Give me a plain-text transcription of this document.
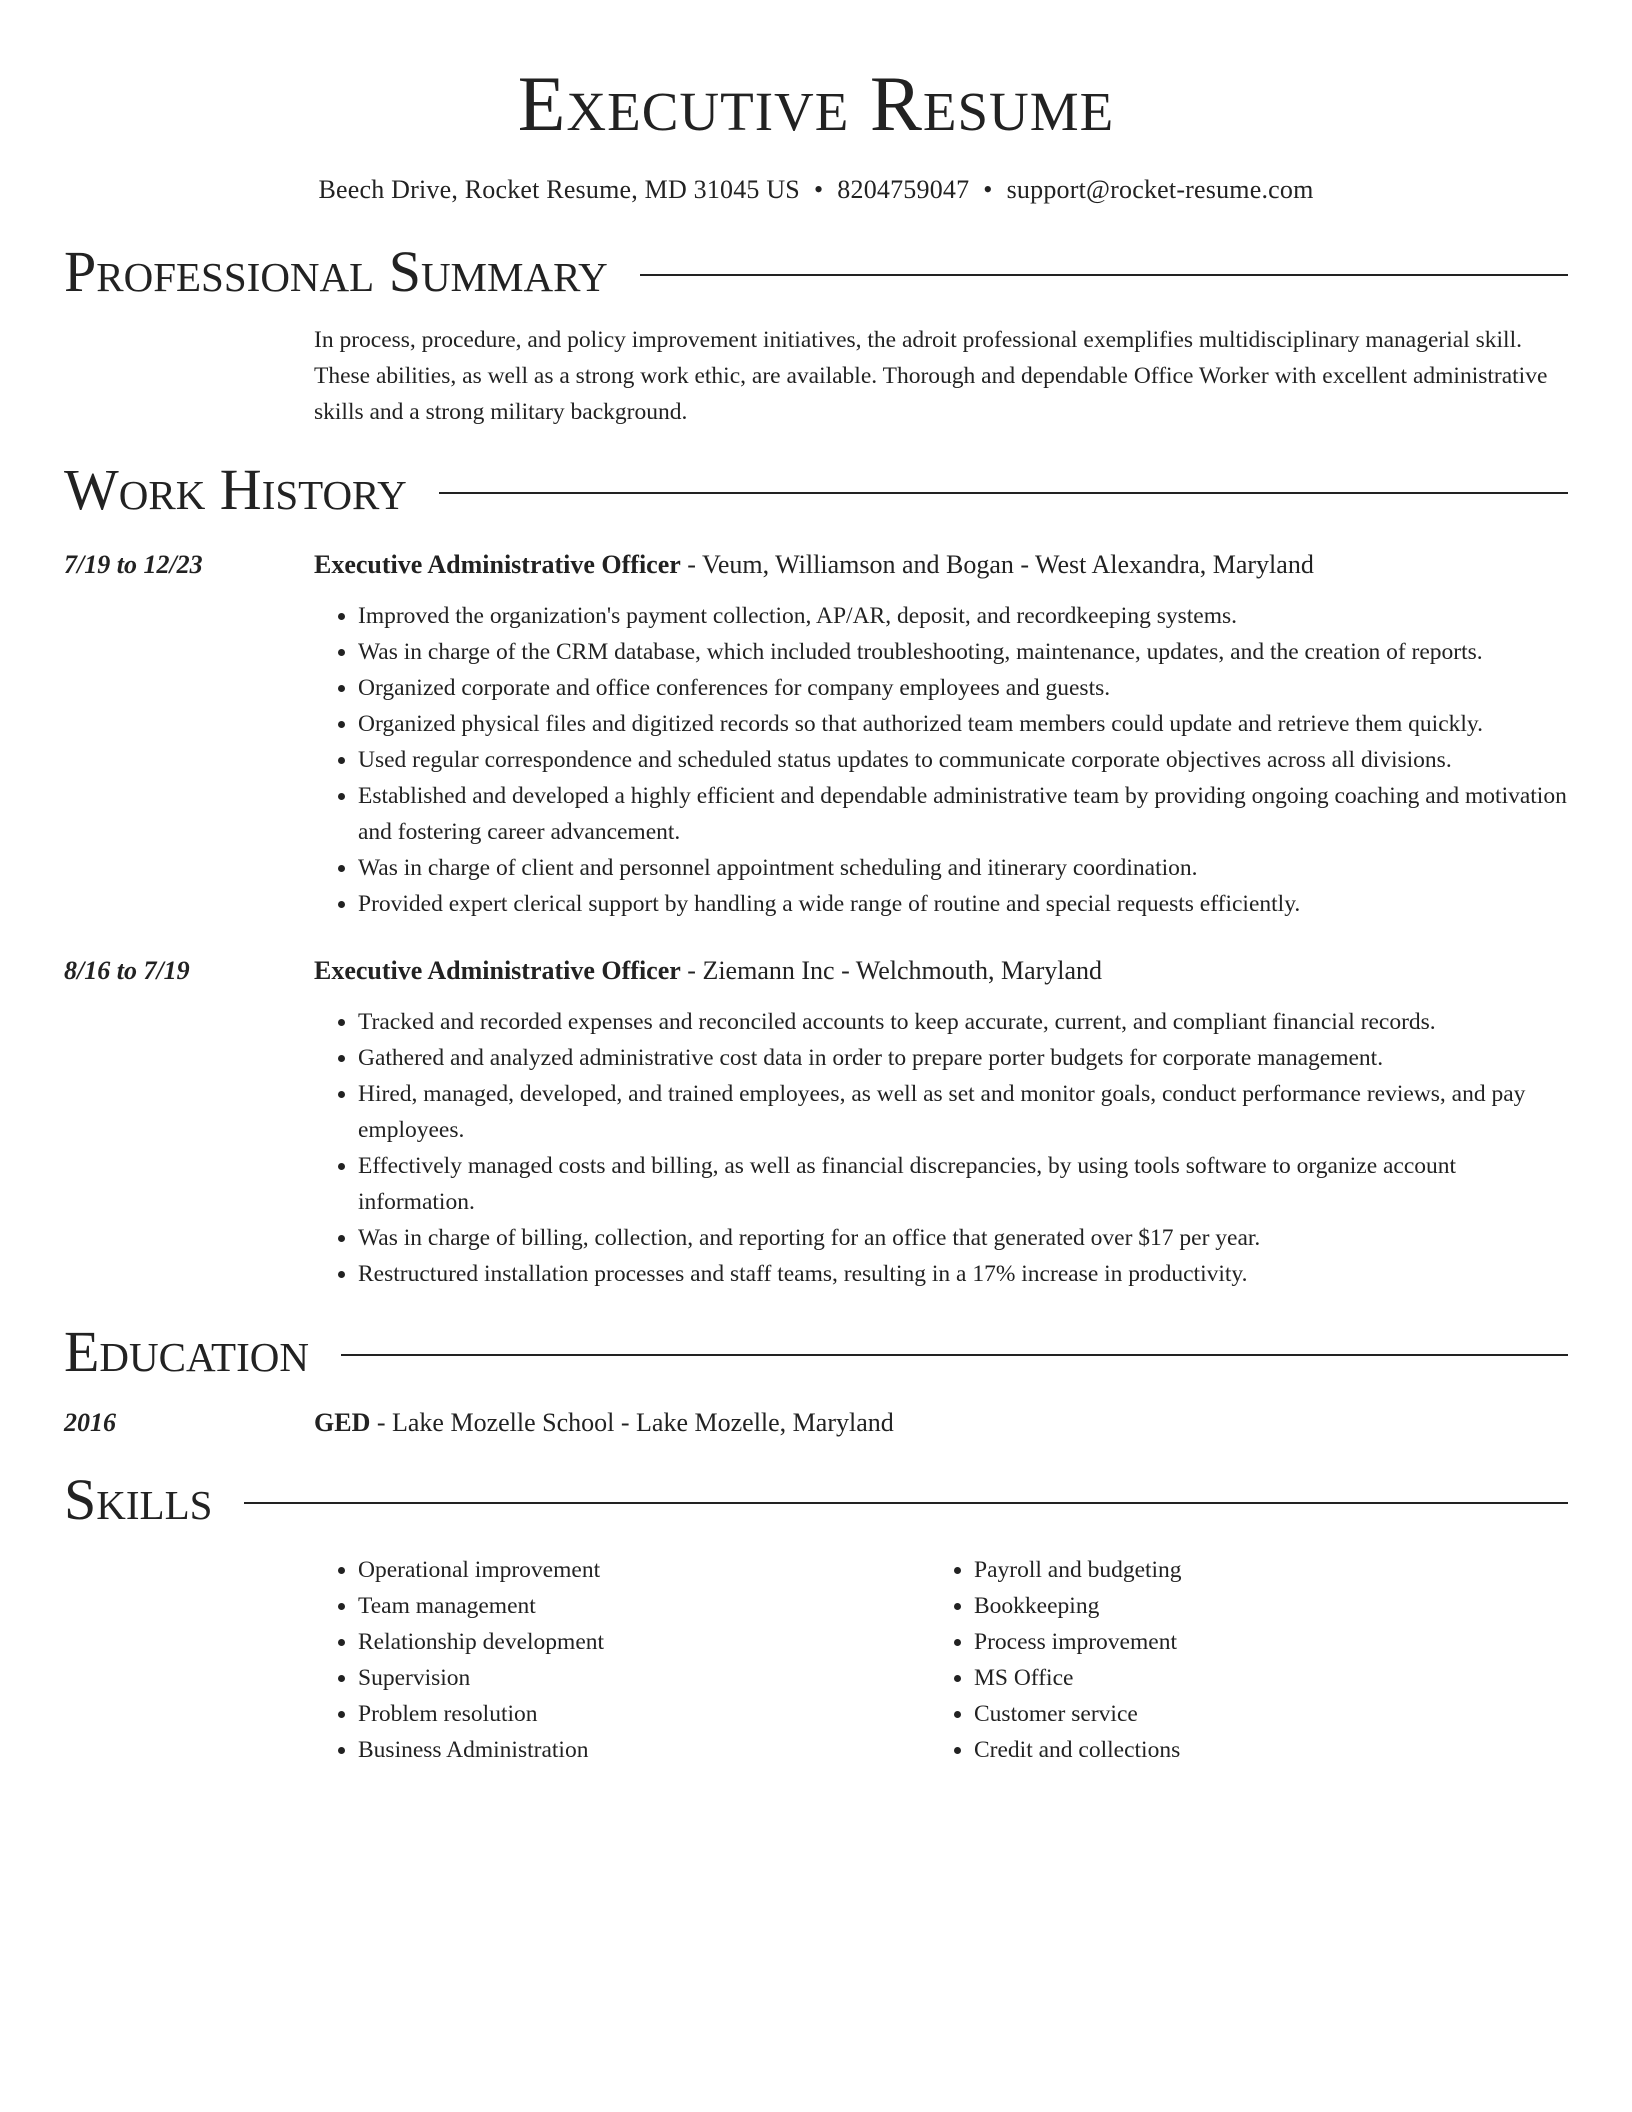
Executive Resume
Beech Drive, Rocket Resume, MD 31045 US • 8204759047 • support@rocket-resume.com
Professional Summary
In process, procedure, and policy improvement initiatives, the adroit professional exemplifies multidisciplinary managerial skill. These abilities, as well as a strong work ethic, are available. Thorough and dependable Office Worker with excellent administrative skills and a strong military background.
Work History
7/19 to 12/23	Executive Administrative Officer - Veum, Williamson and Bogan - West Alexandra, Maryland
• Improved the organization's payment collection, AP/AR, deposit, and recordkeeping systems.
• Was in charge of the CRM database, which included troubleshooting, maintenance, updates, and the creation of reports.
• Organized corporate and office conferences for company employees and guests.
• Organized physical files and digitized records so that authorized team members could update and retrieve them quickly.
• Used regular correspondence and scheduled status updates to communicate corporate objectives across all divisions.
• Established and developed a highly efficient and dependable administrative team by providing ongoing coaching and motivation and fostering career advancement.
• Was in charge of client and personnel appointment scheduling and itinerary coordination.
• Provided expert clerical support by handling a wide range of routine and special requests efficiently.
8/16 to 7/19	Executive Administrative Officer - Ziemann Inc - Welchmouth, Maryland
• Tracked and recorded expenses and reconciled accounts to keep accurate, current, and compliant financial records.
• Gathered and analyzed administrative cost data in order to prepare porter budgets for corporate management.
• Hired, managed, developed, and trained employees, as well as set and monitor goals, conduct performance reviews, and pay employees.
• Effectively managed costs and billing, as well as financial discrepancies, by using tools software to organize account information.
• Was in charge of billing, collection, and reporting for an office that generated over $17 per year.
• Restructured installation processes and staff teams, resulting in a 17% increase in productivity.
Education
2016	GED - Lake Mozelle School - Lake Mozelle, Maryland
Skills
• Operational improvement
• Team management
• Relationship development
• Supervision
• Problem resolution
• Business Administration
• Payroll and budgeting
• Bookkeeping
• Process improvement
• MS Office
• Customer service
• Credit and collections
